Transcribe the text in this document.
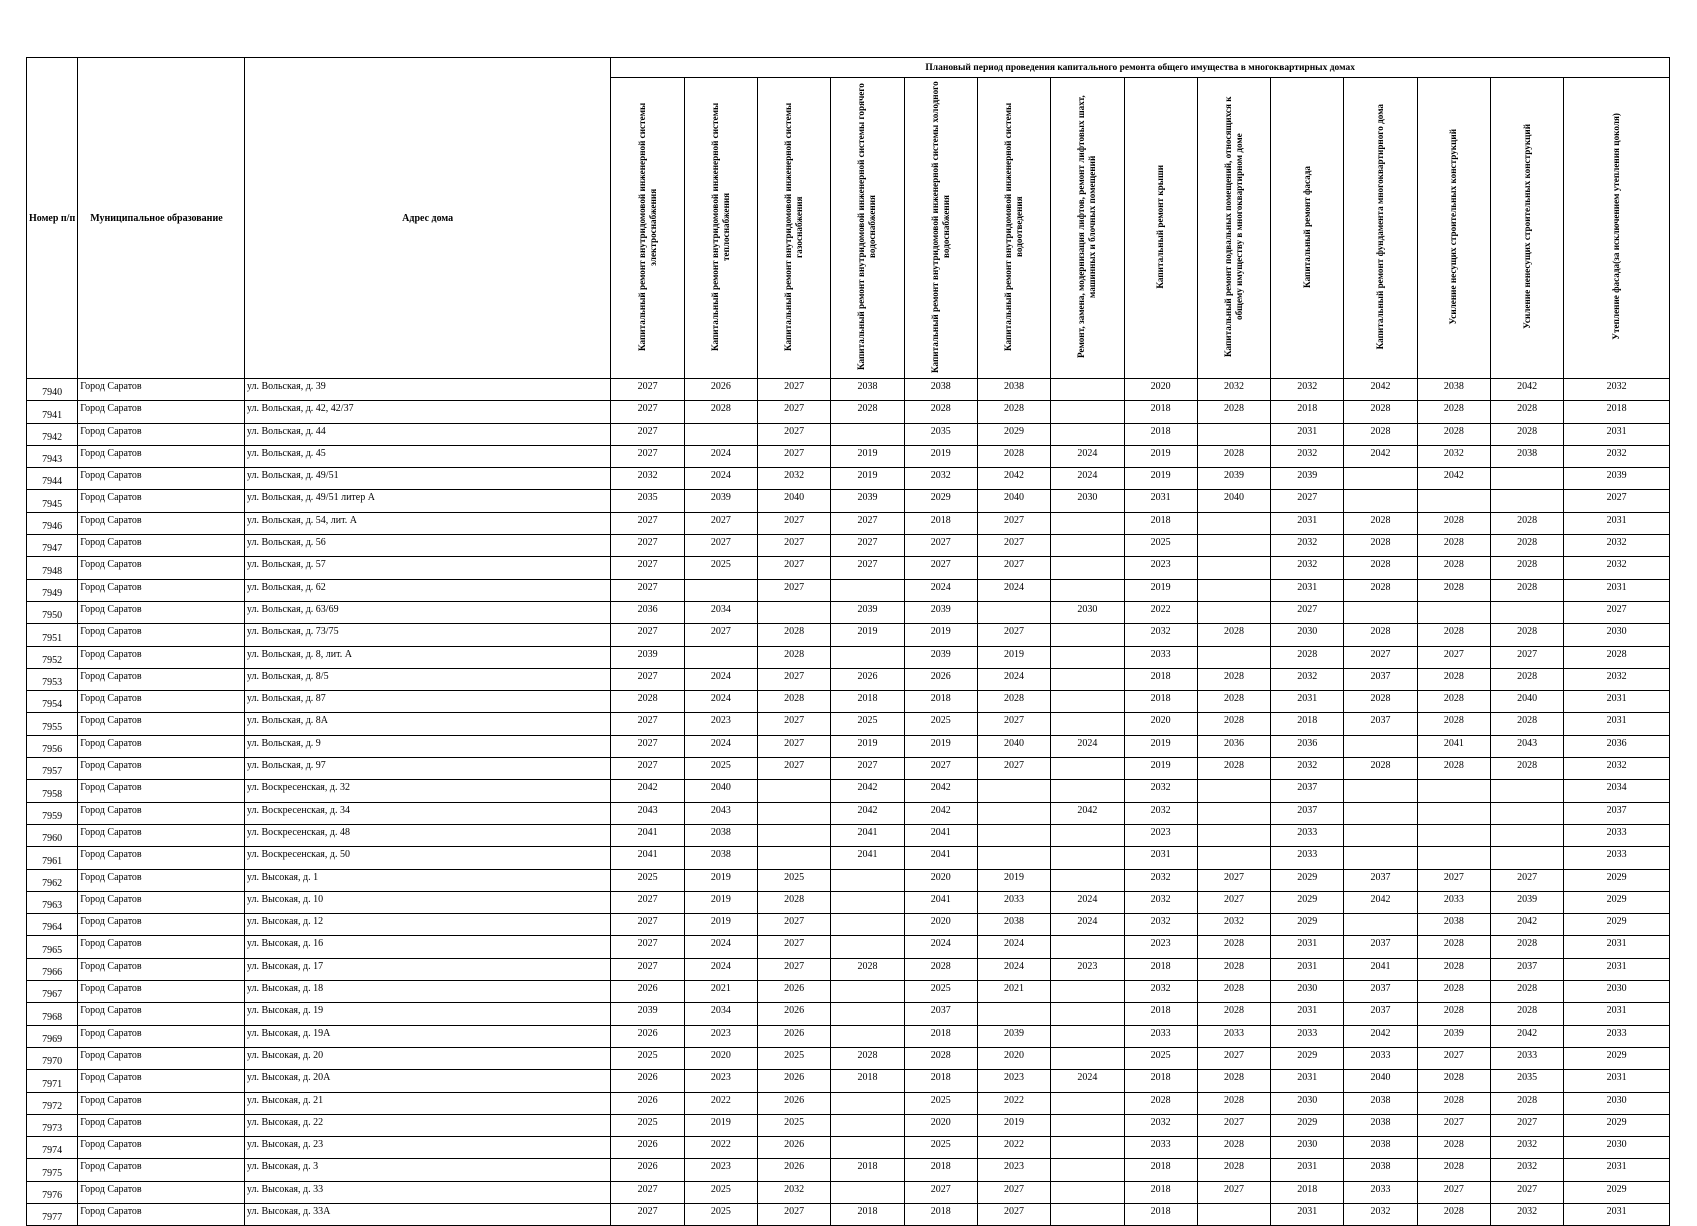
Номер п/п	Муниципальное образование	Адрес дома	Плановый период проведения капитального ремонта общего имущества в многоквартирных домах													
			Капитальный ремонт внутридомовой инженерной системы электроснабжения	Капитальный ремонт внутридомовой инженерной системы теплоснабжения	Капитальный ремонт внутридомовой инженерной системы газоснабжения	Капитальный ремонт внутридомовой инженерной системы горячего водоснабжения	Капитальный ремонт внутридомовой инженерной системы холодного водоснабжения	Капитальный ремонт внутридомовой инженерной системы водоотведения	Ремонт, замена, модернизация лифтов, ремонт лифтовых шахт, машинных и блочных помещений	Капитальный ремонт крыши	Капитальный ремонт подвальных помещений, относящихся к общему имуществу в многоквартирном доме	Капитальный ремонт фасада	Капитальный ремонт фундамента многоквартирного дома	Усиление несущих строительных конструкций	Усиление ненесущих строительных конструкций	Утепление фасада(за исключением утепления цоколя)
7940	Город Саратов	ул. Вольская, д. 39	2027	2026	2027	2038	2038	2038		2020	2032	2032	2042	2038	2042	2032
7941	Город Саратов	ул. Вольская, д. 42, 42/37	2027	2028	2027	2028	2028	2028		2018	2028	2018	2028	2028	2028	2018
7942	Город Саратов	ул. Вольская, д. 44	2027		2027		2035	2029		2018		2031	2028	2028	2028	2031
7943	Город Саратов	ул. Вольская, д. 45	2027	2024	2027	2019	2019	2028	2024	2019	2028	2032	2042	2032	2038	2032
7944	Город Саратов	ул. Вольская, д. 49/51	2032	2024	2032	2019	2032	2042	2024	2019	2039	2039		2042		2039
7945	Город Саратов	ул. Вольская, д. 49/51 литер А	2035	2039	2040	2039	2029	2040	2030	2031	2040	2027				2027
7946	Город Саратов	ул. Вольская, д. 54, лит. А	2027	2027	2027	2027	2018	2027		2018		2031	2028	2028	2028	2031
7947	Город Саратов	ул. Вольская, д. 56	2027	2027	2027	2027	2027	2027		2025		2032	2028	2028	2028	2032
7948	Город Саратов	ул. Вольская, д. 57	2027	2025	2027	2027	2027	2027		2023		2032	2028	2028	2028	2032
7949	Город Саратов	ул. Вольская, д. 62	2027		2027		2024	2024		2019		2031	2028	2028	2028	2031
7950	Город Саратов	ул. Вольская, д. 63/69	2036	2034		2039	2039		2030	2022		2027				2027
7951	Город Саратов	ул. Вольская, д. 73/75	2027	2027	2028	2019	2019	2027		2032	2028	2030	2028	2028	2028	2030
7952	Город Саратов	ул. Вольская, д. 8, лит. А	2039		2028		2039	2019		2033		2028	2027	2027	2027	2028
7953	Город Саратов	ул. Вольская, д. 8/5	2027	2024	2027	2026	2026	2024		2018	2028	2032	2037	2028	2028	2032
7954	Город Саратов	ул. Вольская, д. 87	2028	2024	2028	2018	2018	2028		2018	2028	2031	2028	2028	2040	2031
7955	Город Саратов	ул. Вольская, д. 8А	2027	2023	2027	2025	2025	2027		2020	2028	2018	2037	2028	2028	2031
7956	Город Саратов	ул. Вольская, д. 9	2027	2024	2027	2019	2019	2040	2024	2019	2036	2036		2041	2043	2036
7957	Город Саратов	ул. Вольская, д. 97	2027	2025	2027	2027	2027	2027		2019	2028	2032	2028	2028	2028	2032
7958	Город Саратов	ул. Воскресенская, д. 32	2042	2040		2042	2042			2032		2037				2034
7959	Город Саратов	ул. Воскресенская, д. 34	2043	2043		2042	2042		2042	2032		2037				2037
7960	Город Саратов	ул. Воскресенская, д. 48	2041	2038		2041	2041			2023		2033				2033
7961	Город Саратов	ул. Воскресенская, д. 50	2041	2038		2041	2041			2031		2033				2033
7962	Город Саратов	ул. Высокая, д. 1	2025	2019	2025		2020	2019		2032	2027	2029	2037	2027	2027	2029
7963	Город Саратов	ул. Высокая, д. 10	2027	2019	2028		2041	2033	2024	2032	2027	2029	2042	2033	2039	2029
7964	Город Саратов	ул. Высокая, д. 12	2027	2019	2027		2020	2038	2024	2032	2032	2029		2038	2042	2029
7965	Город Саратов	ул. Высокая, д. 16	2027	2024	2027		2024	2024		2023	2028	2031	2037	2028	2028	2031
7966	Город Саратов	ул. Высокая, д. 17	2027	2024	2027	2028	2028	2024	2023	2018	2028	2031	2041	2028	2037	2031
7967	Город Саратов	ул. Высокая, д. 18	2026	2021	2026		2025	2021		2032	2028	2030	2037	2028	2028	2030
7968	Город Саратов	ул. Высокая, д. 19	2039	2034	2026		2037			2018	2028	2031	2037	2028	2028	2031
7969	Город Саратов	ул. Высокая, д. 19А	2026	2023	2026		2018	2039		2033	2033	2033	2042	2039	2042	2033
7970	Город Саратов	ул. Высокая, д. 20	2025	2020	2025	2028	2028	2020		2025	2027	2029	2033	2027	2033	2029
7971	Город Саратов	ул. Высокая, д. 20А	2026	2023	2026	2018	2018	2023	2024	2018	2028	2031	2040	2028	2035	2031
7972	Город Саратов	ул. Высокая, д. 21	2026	2022	2026		2025	2022		2028	2028	2030	2038	2028	2028	2030
7973	Город Саратов	ул. Высокая, д. 22	2025	2019	2025		2020	2019		2032	2027	2029	2038	2027	2027	2029
7974	Город Саратов	ул. Высокая, д. 23	2026	2022	2026		2025	2022		2033	2028	2030	2038	2028	2032	2030
7975	Город Саратов	ул. Высокая, д. 3	2026	2023	2026	2018	2018	2023		2018	2028	2031	2038	2028	2032	2031
7976	Город Саратов	ул. Высокая, д. 33	2027	2025	2032		2027	2027		2018	2027	2018	2033	2027	2027	2029
7977	Город Саратов	ул. Высокая, д. 33А	2027	2025	2027	2018	2018	2027		2018		2031	2032	2028	2032	2031
